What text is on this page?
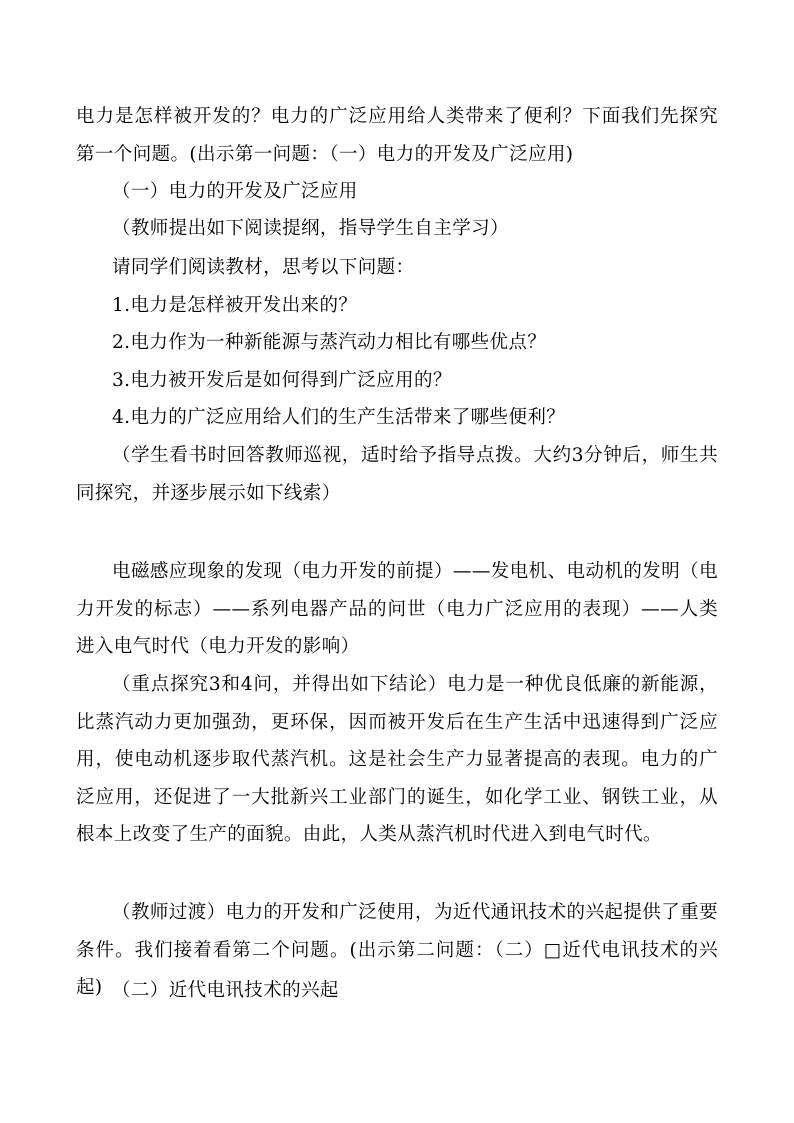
电力是怎样被开发的？电力的广泛应用给人类带来了便利？下面我们先探究第一个问题。(出示第一问题：（一）电力的开发及广泛应用)
（一）电力的开发及广泛应用
（教师提出如下阅读提纲，指导学生自主学习）
请同学们阅读教材，思考以下问题：
1.电力是怎样被开发出来的？
2.电力作为一种新能源与蒸汽动力相比有哪些优点？
3.电力被开发后是如何得到广泛应用的？
4.电力的广泛应用给人们的生产生活带来了哪些便利？
（学生看书时回答教师巡视，适时给予指导点拨。大约3分钟后，师生共同探究，并逐步展示如下线索）
电磁感应现象的发现（电力开发的前提）——发电机、电动机的发明（电力开发的标志）——系列电器产品的问世（电力广泛应用的表现）——人类进入电气时代（电力开发的影响）
（重点探究3和4问，并得出如下结论）电力是一种优良低廉的新能源，比蒸汽动力更加强劲，更环保，因而被开发后在生产生活中迅速得到广泛应用，使电动机逐步取代蒸汽机。这是社会生产力显著提高的表现。电力的广泛应用，还促进了一大批新兴工业部门的诞生，如化学工业、钢铁工业，从根本上改变了生产的面貌。由此，人类从蒸汽机时代进入到电气时代。
（教师过渡）电力的开发和广泛使用，为近代通讯技术的兴起提供了重要条件。我们接着看第二个问题。(出示第二问题：（二）□近代电讯技术的兴起) （二）近代电讯技术的兴起
